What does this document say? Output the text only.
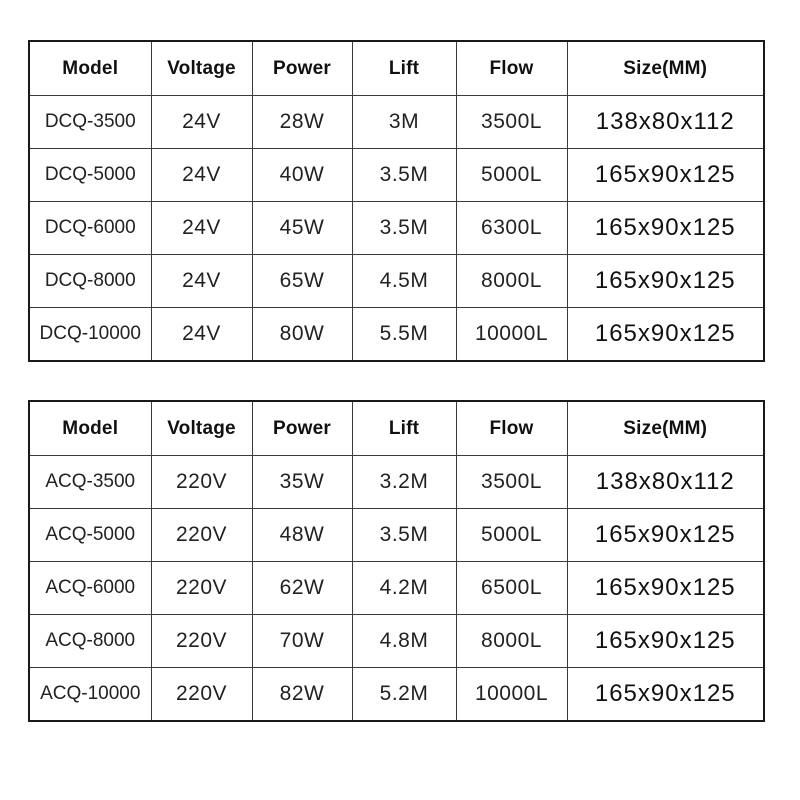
Model	Voltage	Power	Lift	Flow	Size(MM)
DCQ-3500	24V	28W	3M	3500L	138x80x112
DCQ-5000	24V	40W	3.5M	5000L	165x90x125
DCQ-6000	24V	45W	3.5M	6300L	165x90x125
DCQ-8000	24V	65W	4.5M	8000L	165x90x125
DCQ-10000	24V	80W	5.5M	10000L	165x90x125
Model	Voltage	Power	Lift	Flow	Size(MM)
ACQ-3500	220V	35W	3.2M	3500L	138x80x112
ACQ-5000	220V	48W	3.5M	5000L	165x90x125
ACQ-6000	220V	62W	4.2M	6500L	165x90x125
ACQ-8000	220V	70W	4.8M	8000L	165x90x125
ACQ-10000	220V	82W	5.2M	10000L	165x90x125
